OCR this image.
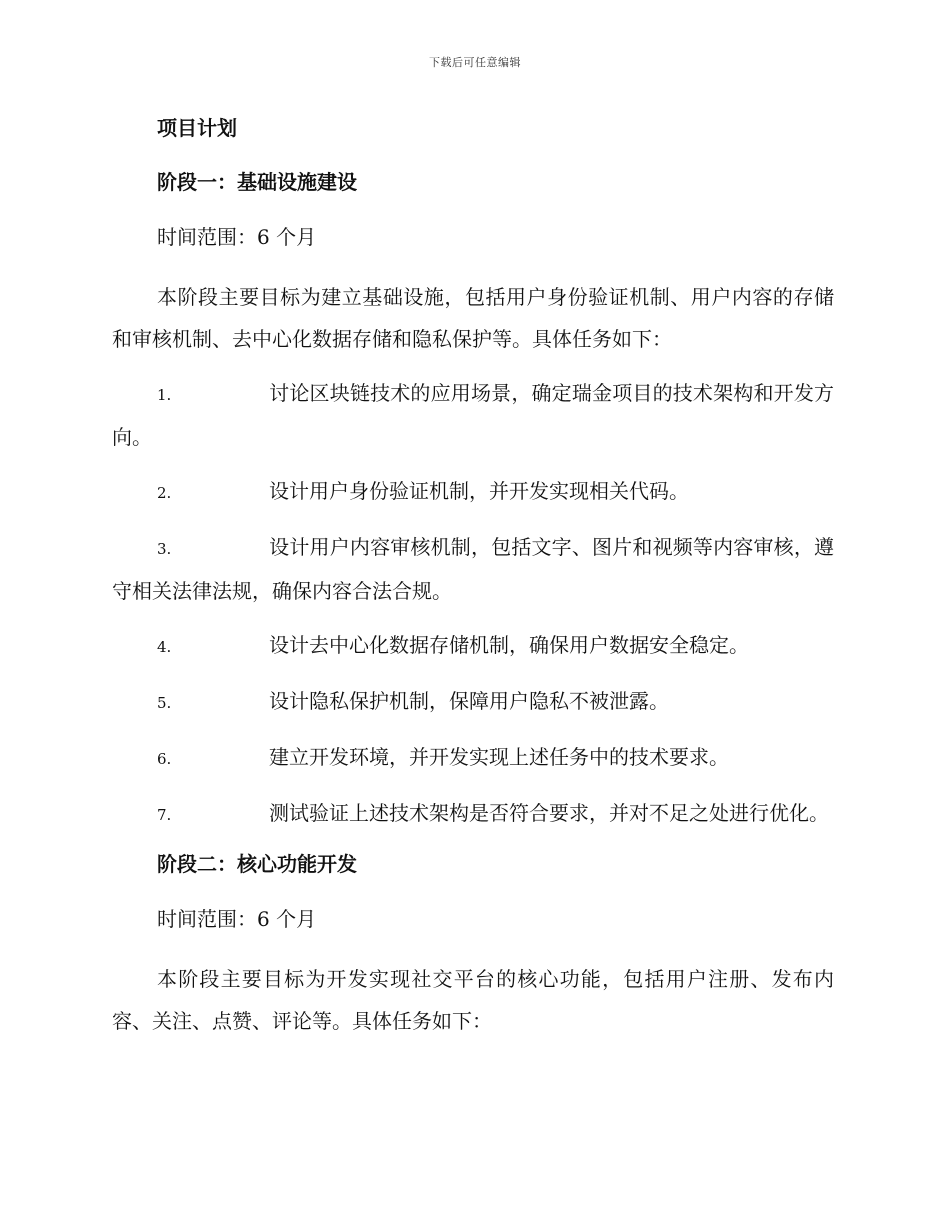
下载后可任意编辑
项目计划
阶段一：基础设施建设
时间范围：6 个月

本阶段主要目标为建立基础设施，包括用户身份验证机制、用户内容的存储和审核机制、去中心化数据存储和隐私保护等。具体任务如下：

1.	讨论区块链技术的应用场景，确定瑞金项目的技术架构和开发方向。

2.	设计用户身份验证机制，并开发实现相关代码。

3.	设计用户内容审核机制，包括文字、图片和视频等内容审核，遵守相关法律法规，确保内容合法合规。

4.	设计去中心化数据存储机制，确保用户数据安全稳定。

5.	设计隐私保护机制，保障用户隐私不被泄露。

6.	建立开发环境，并开发实现上述任务中的技术要求。

7.	测试验证上述技术架构是否符合要求，并对不足之处进行优化。

阶段二：核心功能开发
时间范围：6 个月

本阶段主要目标为开发实现社交平台的核心功能，包括用户注册、发布内容、关注、点赞、评论等。具体任务如下：
